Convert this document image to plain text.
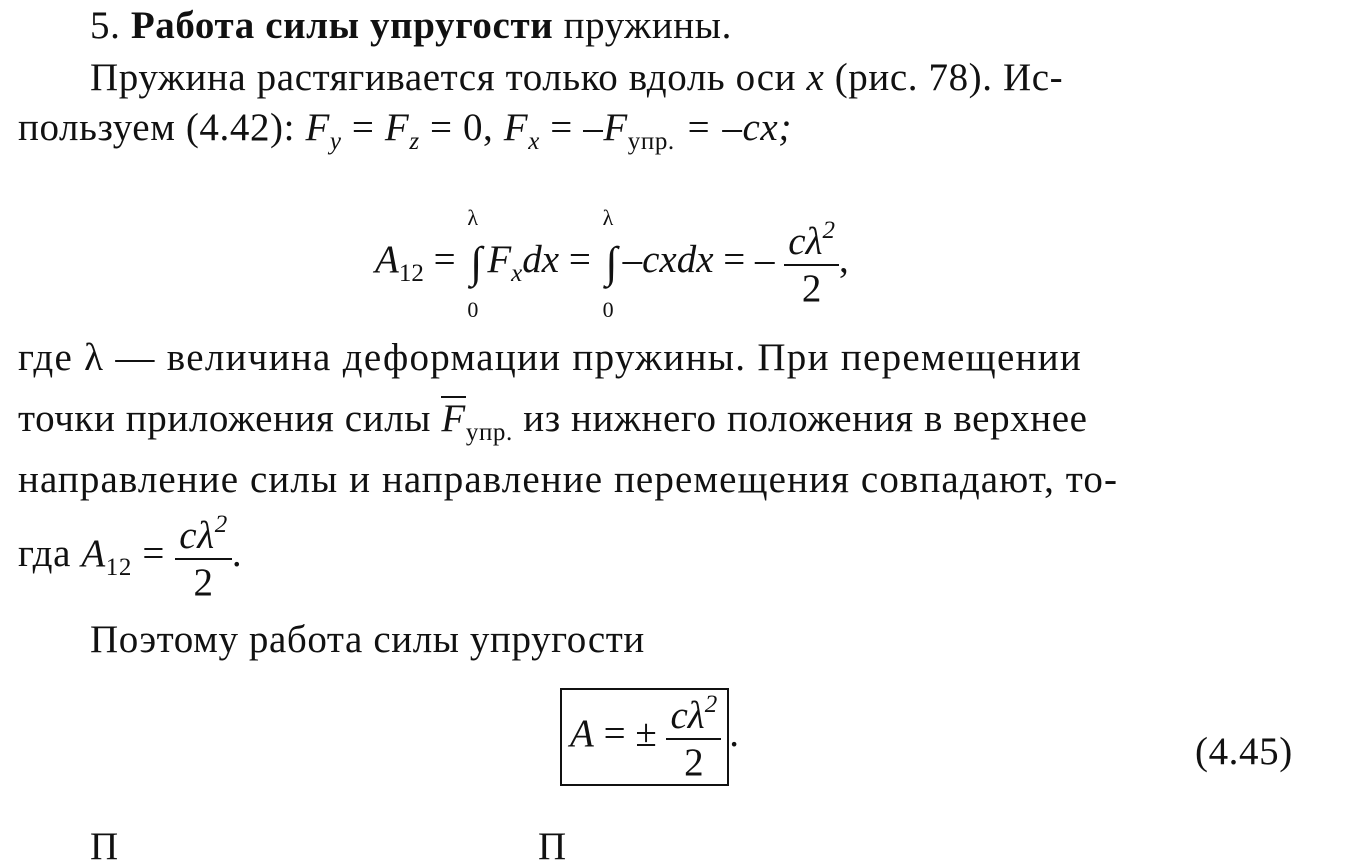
5. Работа силы упругости пружины.
Пружина растягивается только вдоль оси x (рис. 78). Ис-
пользуем (4.42): $F_y = F_z = 0$, $F_x = -F_{упр.} = -cx$;
$A_{12}$ =
λ
∫
0
$F_xdx$ =
λ
∫
0
–cxdx = – $\frac{c\lambda^2}{2}$ ,
где λ — величина деформации пружины. При перемещении
точки приложения силы $F_{упр.}$ из нижнего положения в верхнее
направление силы и направление перемещения совпадают, то-
гда $A_{12} = \frac{c\lambda^2}{2}$ .
Поэтому работа силы упругости
A = ± $\frac{c\lambda^2}{2}$ .	(4.45)
П	П
